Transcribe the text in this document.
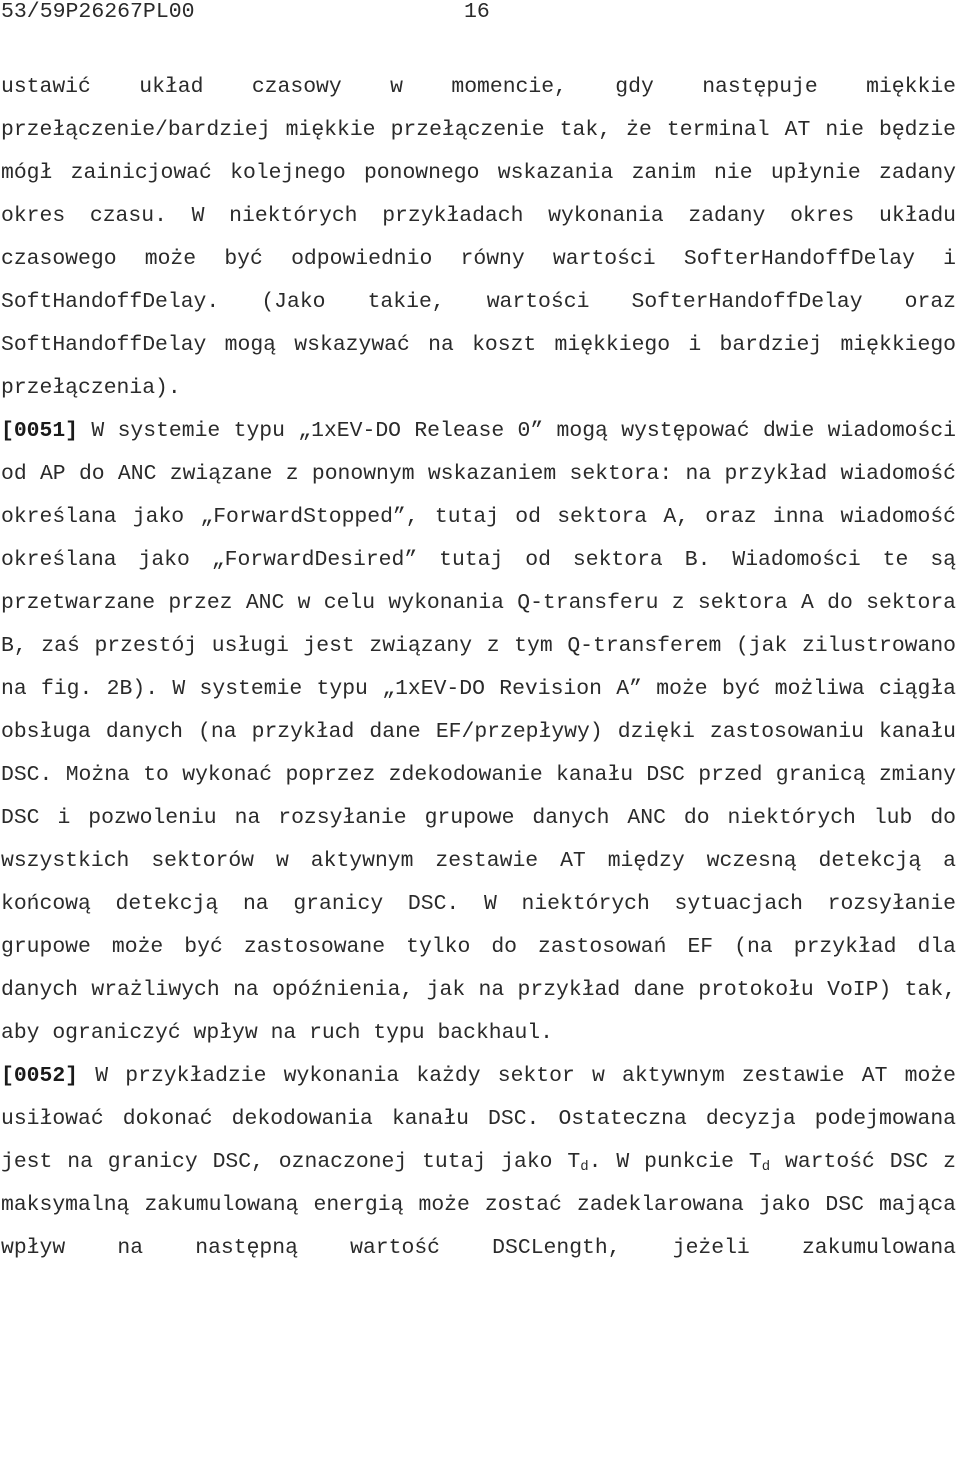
53/59P26267PL00	16

ustawić układ czasowy w momencie, gdy następuje miękkie przełączenie/bardziej miękkie przełączenie tak, że terminal AT nie będzie mógł zainicjować kolejnego ponownego wskazania zanim nie upłynie zadany okres czasu. W niektórych przykładach wykonania zadany okres układu czasowego może być odpowiednio równy wartości SofterHandoffDelay i SoftHandoffDelay. (Jako takie, wartości SofterHandoffDelay oraz SoftHandoffDelay mogą wskazywać na koszt miękkiego i bardziej miękkiego przełączenia).

[0051] W systemie typu „1xEV-DO Release 0” mogą występować dwie wiadomości od AP do ANC związane z ponownym wskazaniem sektora: na przykład wiadomość określana jako „ForwardStopped”, tutaj od sektora A, oraz inna wiadomość określana jako „ForwardDesired” tutaj od sektora B. Wiadomości te są przetwarzane przez ANC w celu wykonania Q-transferu z sektora A do sektora B, zaś przestój usługi jest związany z tym Q-transferem (jak zilustrowano na fig. 2B). W systemie typu „1xEV-DO Revision A” może być możliwa ciągła obsługa danych (na przykład dane EF/przepływy) dzięki zastosowaniu kanału DSC. Można to wykonać poprzez zdekodowanie kanału DSC przed granicą zmiany DSC i pozwoleniu na rozsyłanie grupowe danych ANC do niektórych lub do wszystkich sektorów w aktywnym zestawie AT między wczesną detekcją a końcową detekcją na granicy DSC. W niektórych sytuacjach rozsyłanie grupowe może być zastosowane tylko do zastosowań EF (na przykład dla danych wrażliwych na opóźnienia, jak na przykład dane protokołu VoIP) tak, aby ograniczyć wpływ na ruch typu backhaul.

[0052] W przykładzie wykonania każdy sektor w aktywnym zestawie AT może usiłować dokonać dekodowania kanału DSC. Ostateczna decyzja podejmowana jest na granicy DSC, oznaczonej tutaj jako $T_d$. W punkcie $T_d$ wartość DSC z maksymalną zakumulowaną energią może zostać zadeklarowana jako DSC mająca wpływ na następną wartość DSCLength, jeżeli zakumulowana
